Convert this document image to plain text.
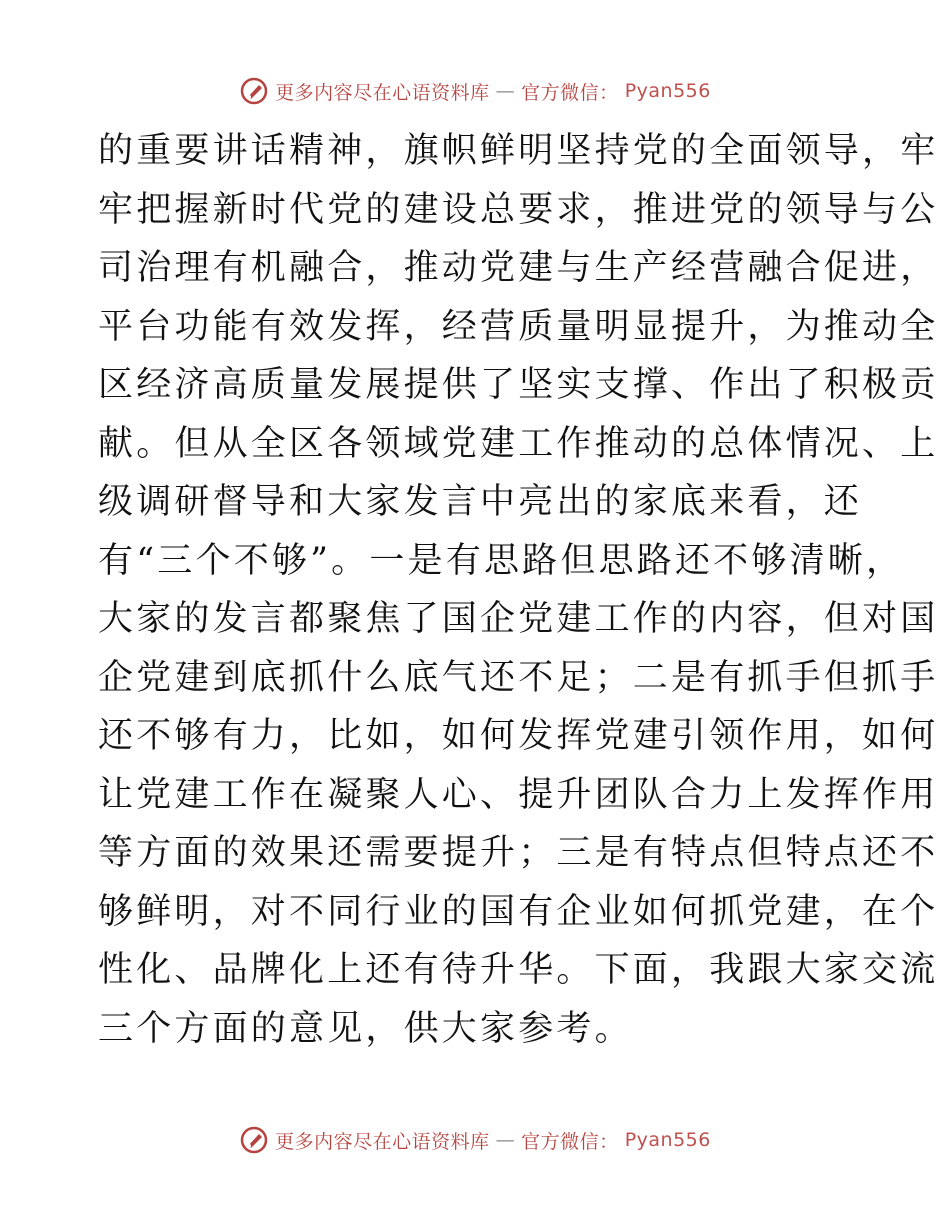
更多内容尽在心语资料库 — 官方微信： Pyan556
的重要讲话精神，旗帜鲜明坚持党的全面领导，牢
牢把握新时代党的建设总要求，推进党的领导与公
司治理有机融合，推动党建与生产经营融合促进，
平台功能有效发挥，经营质量明显提升，为推动全
区经济高质量发展提供了坚实支撑、作出了积极贡
献。但从全区各领域党建工作推动的总体情况、上
级调研督导和大家发言中亮出的家底来看，还
有“三个不够”。一是有思路但思路还不够清晰，
大家的发言都聚焦了国企党建工作的内容，但对国
企党建到底抓什么底气还不足；二是有抓手但抓手
还不够有力，比如，如何发挥党建引领作用，如何
让党建工作在凝聚人心、提升团队合力上发挥作用
等方面的效果还需要提升；三是有特点但特点还不
够鲜明，对不同行业的国有企业如何抓党建，在个
性化、品牌化上还有待升华。下面，我跟大家交流
三个方面的意见，供大家参考。
更多内容尽在心语资料库 — 官方微信： Pyan556
